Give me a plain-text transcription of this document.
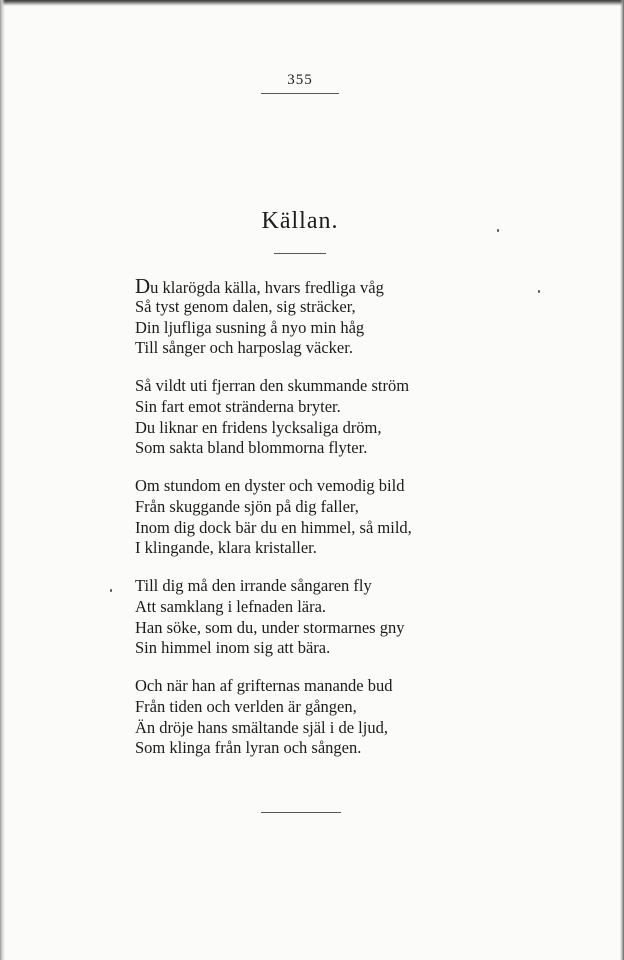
355
Källan.
Du klarögda källa, hvars fredliga våg
Så tyst genom dalen, sig sträcker,
Din ljufliga susning å nyo min håg
Till sånger och harposlag väcker.
Så vildt uti fjerran den skummande ström
Sin fart emot stränderna bryter.
Du liknar en fridens lycksaliga dröm,
Som sakta bland blommorna flyter.
Om stundom en dyster och vemodig bild
Från skuggande sjön på dig faller,
Inom dig dock bär du en himmel, så mild,
I klingande, klara kristaller.
Till dig må den irrande sångaren fly
Att samklang i lefnaden lära.
Han söke, som du, under stormarnes gny
Sin himmel inom sig att bära.
Och när han af grifternas manande bud
Från tiden och verlden är gången,
Än dröje hans smältande själ i de ljud,
Som klinga från lyran och sången.
